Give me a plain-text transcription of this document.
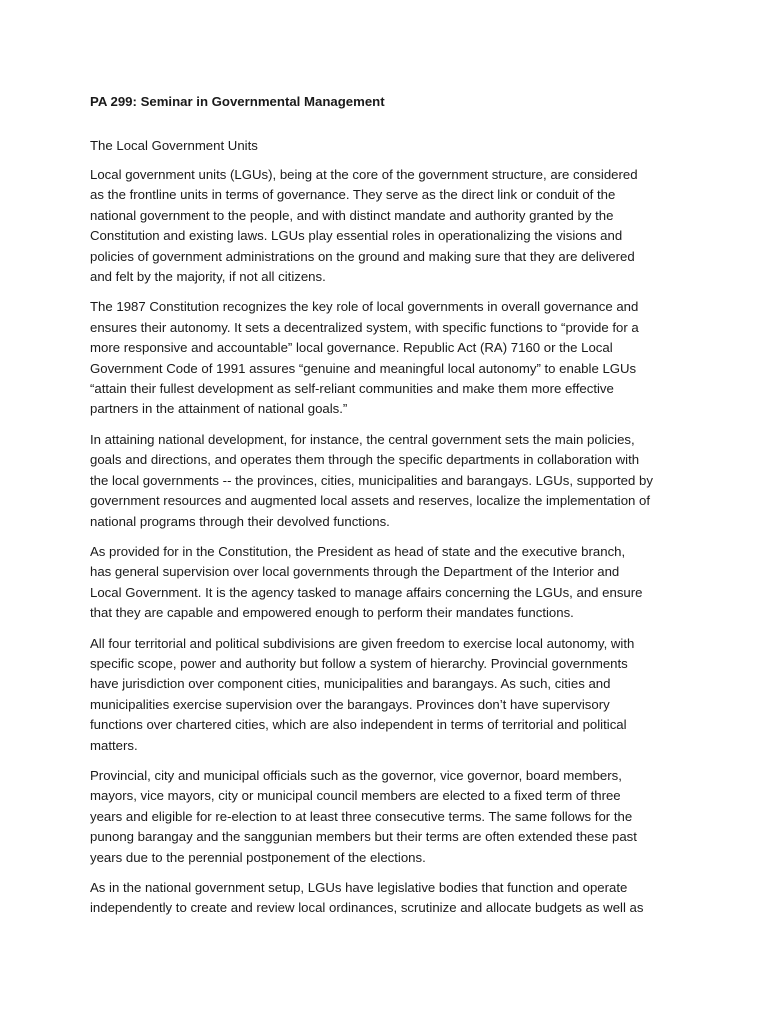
PA 299: Seminar in Governmental Management
The Local Government Units
Local government units (LGUs), being at the core of the government structure, are considered
as the frontline units in terms of governance. They serve as the direct link or conduit of the
national government to the people, and with distinct mandate and authority granted by the
Constitution and existing laws. LGUs play essential roles in operationalizing the visions and
policies of government administrations on the ground and making sure that they are delivered
and felt by the majority, if not all citizens.
The 1987 Constitution recognizes the key role of local governments in overall governance and
ensures their autonomy. It sets a decentralized system, with specific functions to “provide for a
more responsive and accountable” local governance. Republic Act (RA) 7160 or the Local
Government Code of 1991 assures “genuine and meaningful local autonomy” to enable LGUs
“attain their fullest development as self-reliant communities and make them more effective
partners in the attainment of national goals.”
In attaining national development, for instance, the central government sets the main policies,
goals and directions, and operates them through the specific departments in collaboration with
the local governments -- the provinces, cities, municipalities and barangays. LGUs, supported by
government resources and augmented local assets and reserves, localize the implementation of
national programs through their devolved functions.
As provided for in the Constitution, the President as head of state and the executive branch,
has general supervision over local governments through the Department of the Interior and
Local Government. It is the agency tasked to manage affairs concerning the LGUs, and ensure
that they are capable and empowered enough to perform their mandates functions.
All four territorial and political subdivisions are given freedom to exercise local autonomy, with
specific scope, power and authority but follow a system of hierarchy. Provincial governments
have jurisdiction over component cities, municipalities and barangays. As such, cities and
municipalities exercise supervision over the barangays. Provinces don’t have supervisory
functions over chartered cities, which are also independent in terms of territorial and political
matters.
Provincial, city and municipal officials such as the governor, vice governor, board members,
mayors, vice mayors, city or municipal council members are elected to a fixed term of three
years and eligible for re-election to at least three consecutive terms. The same follows for the
punong barangay and the sanggunian members but their terms are often extended these past
years due to the perennial postponement of the elections.
As in the national government setup, LGUs have legislative bodies that function and operate
independently to create and review local ordinances, scrutinize and allocate budgets as well as
